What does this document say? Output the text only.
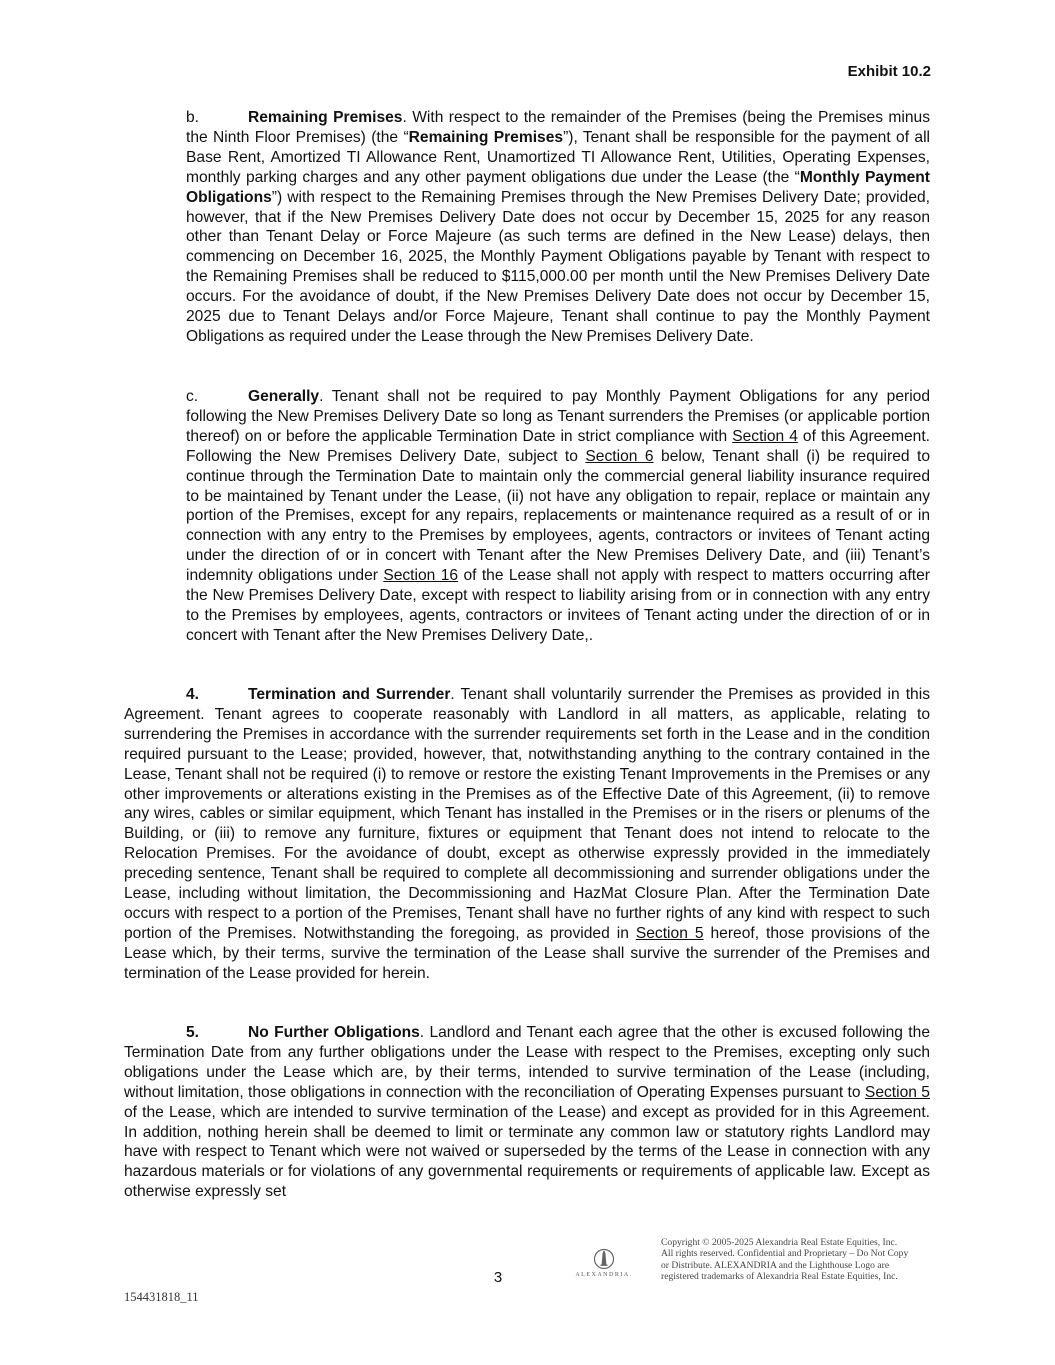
Exhibit 10.2

b.	Remaining Premises. With respect to the remainder of the Premises (being the Premises minus the Ninth Floor Premises) (the “Remaining Premises”), Tenant shall be responsible for the payment of all Base Rent, Amortized TI Allowance Rent, Unamortized TI Allowance Rent, Utilities, Operating Expenses, monthly parking charges and any other payment obligations due under the Lease (the “Monthly Payment Obligations”) with respect to the Remaining Premises through the New Premises Delivery Date; provided, however, that if the New Premises Delivery Date does not occur by December 15, 2025 for any reason other than Tenant Delay or Force Majeure (as such terms are defined in the New Lease) delays, then commencing on December 16, 2025, the Monthly Payment Obligations payable by Tenant with respect to the Remaining Premises shall be reduced to $115,000.00 per month until the New Premises Delivery Date occurs. For the avoidance of doubt, if the New Premises Delivery Date does not occur by December 15, 2025 due to Tenant Delays and/or Force Majeure, Tenant shall continue to pay the Monthly Payment Obligations as required under the Lease through the New Premises Delivery Date.

c.	Generally. Tenant shall not be required to pay Monthly Payment Obligations for any period following the New Premises Delivery Date so long as Tenant surrenders the Premises (or applicable portion thereof) on or before the applicable Termination Date in strict compliance with Section 4 of this Agreement. Following the New Premises Delivery Date, subject to Section 6 below, Tenant shall (i) be required to continue through the Termination Date to maintain only the commercial general liability insurance required to be maintained by Tenant under the Lease, (ii) not have any obligation to repair, replace or maintain any portion of the Premises, except for any repairs, replacements or maintenance required as a result of or in connection with any entry to the Premises by employees, agents, contractors or invitees of Tenant acting under the direction of or in concert with Tenant after the New Premises Delivery Date, and (iii) Tenant’s indemnity obligations under Section 16 of the Lease shall not apply with respect to matters occurring after the New Premises Delivery Date, except with respect to liability arising from or in connection with any entry to the Premises by employees, agents, contractors or invitees of Tenant acting under the direction of or in concert with Tenant after the New Premises Delivery Date,.

4.	Termination and Surrender. Tenant shall voluntarily surrender the Premises as provided in this Agreement. Tenant agrees to cooperate reasonably with Landlord in all matters, as applicable, relating to surrendering the Premises in accordance with the surrender requirements set forth in the Lease and in the condition required pursuant to the Lease; provided, however, that, notwithstanding anything to the contrary contained in the Lease, Tenant shall not be required (i) to remove or restore the existing Tenant Improvements in the Premises or any other improvements or alterations existing in the Premises as of the Effective Date of this Agreement, (ii) to remove any wires, cables or similar equipment, which Tenant has installed in the Premises or in the risers or plenums of the Building, or (iii) to remove any furniture, fixtures or equipment that Tenant does not intend to relocate to the Relocation Premises. For the avoidance of doubt, except as otherwise expressly provided in the immediately preceding sentence, Tenant shall be required to complete all decommissioning and surrender obligations under the Lease, including without limitation, the Decommissioning and HazMat Closure Plan. After the Termination Date occurs with respect to a portion of the Premises, Tenant shall have no further rights of any kind with respect to such portion of the Premises. Notwithstanding the foregoing, as provided in Section 5 hereof, those provisions of the Lease which, by their terms, survive the termination of the Lease shall survive the surrender of the Premises and termination of the Lease provided for herein.

5.	No Further Obligations. Landlord and Tenant each agree that the other is excused following the Termination Date from any further obligations under the Lease with respect to the Premises, excepting only such obligations under the Lease which are, by their terms, intended to survive termination of the Lease (including, without limitation, those obligations in connection with the reconciliation of Operating Expenses pursuant to Section 5 of the Lease, which are intended to survive termination of the Lease) and except as provided for in this Agreement. In addition, nothing herein shall be deemed to limit or terminate any common law or statutory rights Landlord may have with respect to Tenant which were not waived or superseded by the terms of the Lease in connection with any hazardous materials or for violations of any governmental requirements or requirements of applicable law. Except as otherwise expressly set

3	ALEXANDRIA.
Copyright © 2005-2025 Alexandria Real Estate Equities, Inc.
All rights reserved. Confidential and Proprietary – Do Not Copy
or Distribute. ALEXANDRIA and the Lighthouse Logo are
registered trademarks of Alexandria Real Estate Equities, Inc.
154431818_11
